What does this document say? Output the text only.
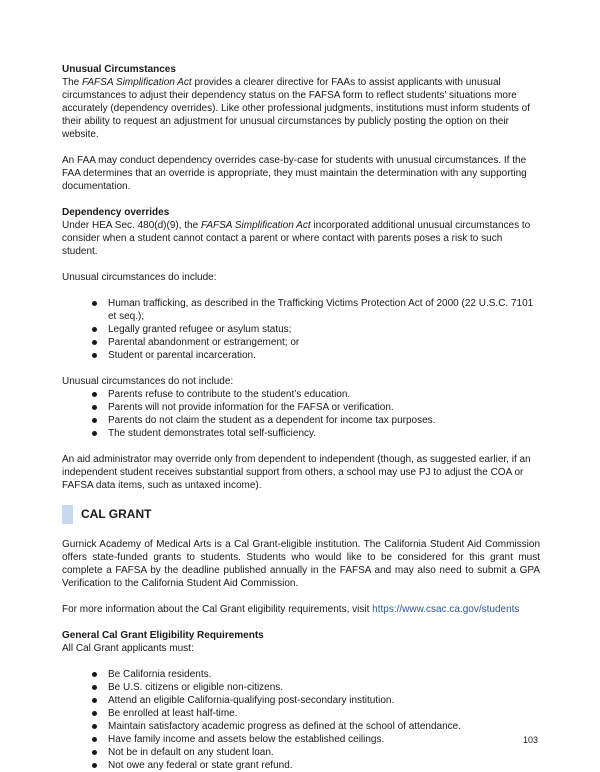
Unusual Circumstances

The FAFSA Simplification Act provides a clearer directive for FAAs to assist applicants with unusual circumstances to adjust their dependency status on the FAFSA form to reflect students’ situations more accurately (dependency overrides). Like other professional judgments, institutions must inform students of their ability to request an adjustment for unusual circumstances by publicly posting the option on their website.

An FAA may conduct dependency overrides case-by-case for students with unusual circumstances. If the FAA determines that an override is appropriate, they must maintain the determination with any supporting documentation.

Dependency overrides

Under HEA Sec. 480(d)(9), the FAFSA Simplification Act incorporated additional unusual circumstances to consider when a student cannot contact a parent or where contact with parents poses a risk to such student.

Unusual circumstances do include:

Human trafficking, as described in the Trafficking Victims Protection Act of 2000 (22 U.S.C. 7101 et seq.);
Legally granted refugee or asylum status;
Parental abandonment or estrangement; or
Student or parental incarceration.

Unusual circumstances do not include:

Parents refuse to contribute to the student’s education.
Parents will not provide information for the FAFSA or verification.
Parents do not claim the student as a dependent for income tax purposes.
The student demonstrates total self-sufficiency.

An aid administrator may override only from dependent to independent (though, as suggested earlier, if an independent student receives substantial support from others, a school may use PJ to adjust the COA or FAFSA data items, such as untaxed income).

CAL GRANT

Gurnick Academy of Medical Arts is a Cal Grant-eligible institution. The California Student Aid Commission offers state-funded grants to students. Students who would like to be considered for this grant must complete a FAFSA by the deadline published annually in the FAFSA and may also need to submit a GPA Verification to the California Student Aid Commission.

For more information about the Cal Grant eligibility requirements, visit https://www.csac.ca.gov/students

General Cal Grant Eligibility Requirements

All Cal Grant applicants must:

Be California residents.
Be U.S. citizens or eligible non-citizens.
Attend an eligible California-qualifying post-secondary institution.
Be enrolled at least half-time.
Maintain satisfactory academic progress as defined at the school of attendance.
Have family income and assets below the established ceilings.
Not be in default on any student loan.
Not owe any federal or state grant refund.
103
